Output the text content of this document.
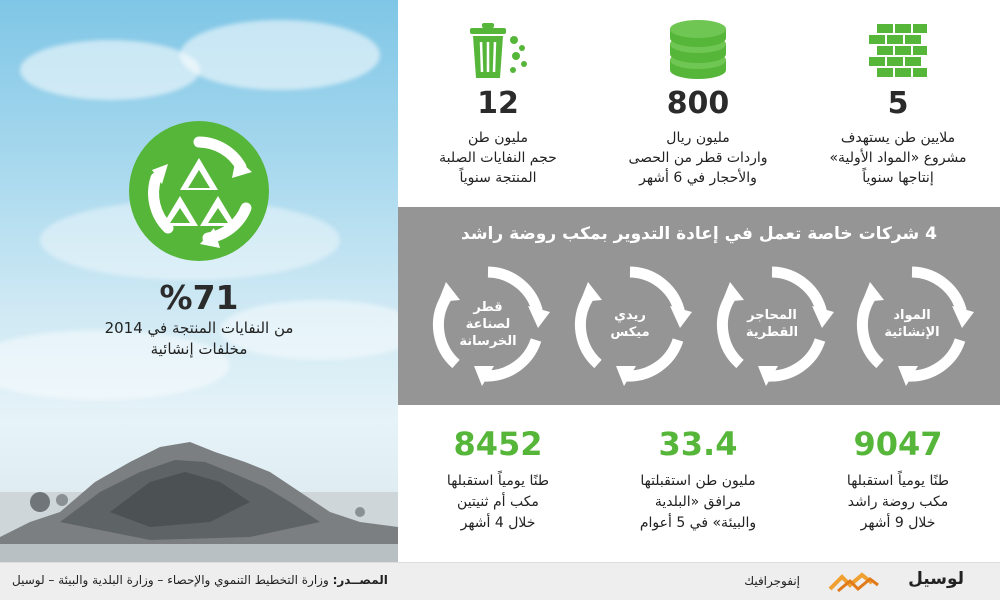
%71
من النفايات المنتجة في 2014
مخلفات إنشائية
5
ملايين طن يستهدف
مشروع «المواد الأولية»
إنتاجها سنوياً
800
مليون ريال
واردات قطر من الحصى
والأحجار في 6 أشهر
12
مليون طن
حجم النفايات الصلبة
المنتجة سنوياً
4 شركات خاصة تعمل في إعادة التدوير بمكب روضة راشد
المواد
الإنشائية
المحاجر
القطرية
ريدي
ميكس
قطر
لصناعة
الخرسانة
9047
طنًا يومياً استقبلها
مكب روضة راشد
خلال 9 أشهر
33.4
مليون طن استقبلتها
مرافق «البلدية
والبيئة» في 5 أعوام
8452
طنًا يومياً استقبلها
مكب أم ثنيتين
خلال 4 أشهر
المصــدر: وزارة التخطيط التنموي والإحصاء – وزارة البلدية والبيئة – لوسيل	إنفوجرافيك	لوسيل
